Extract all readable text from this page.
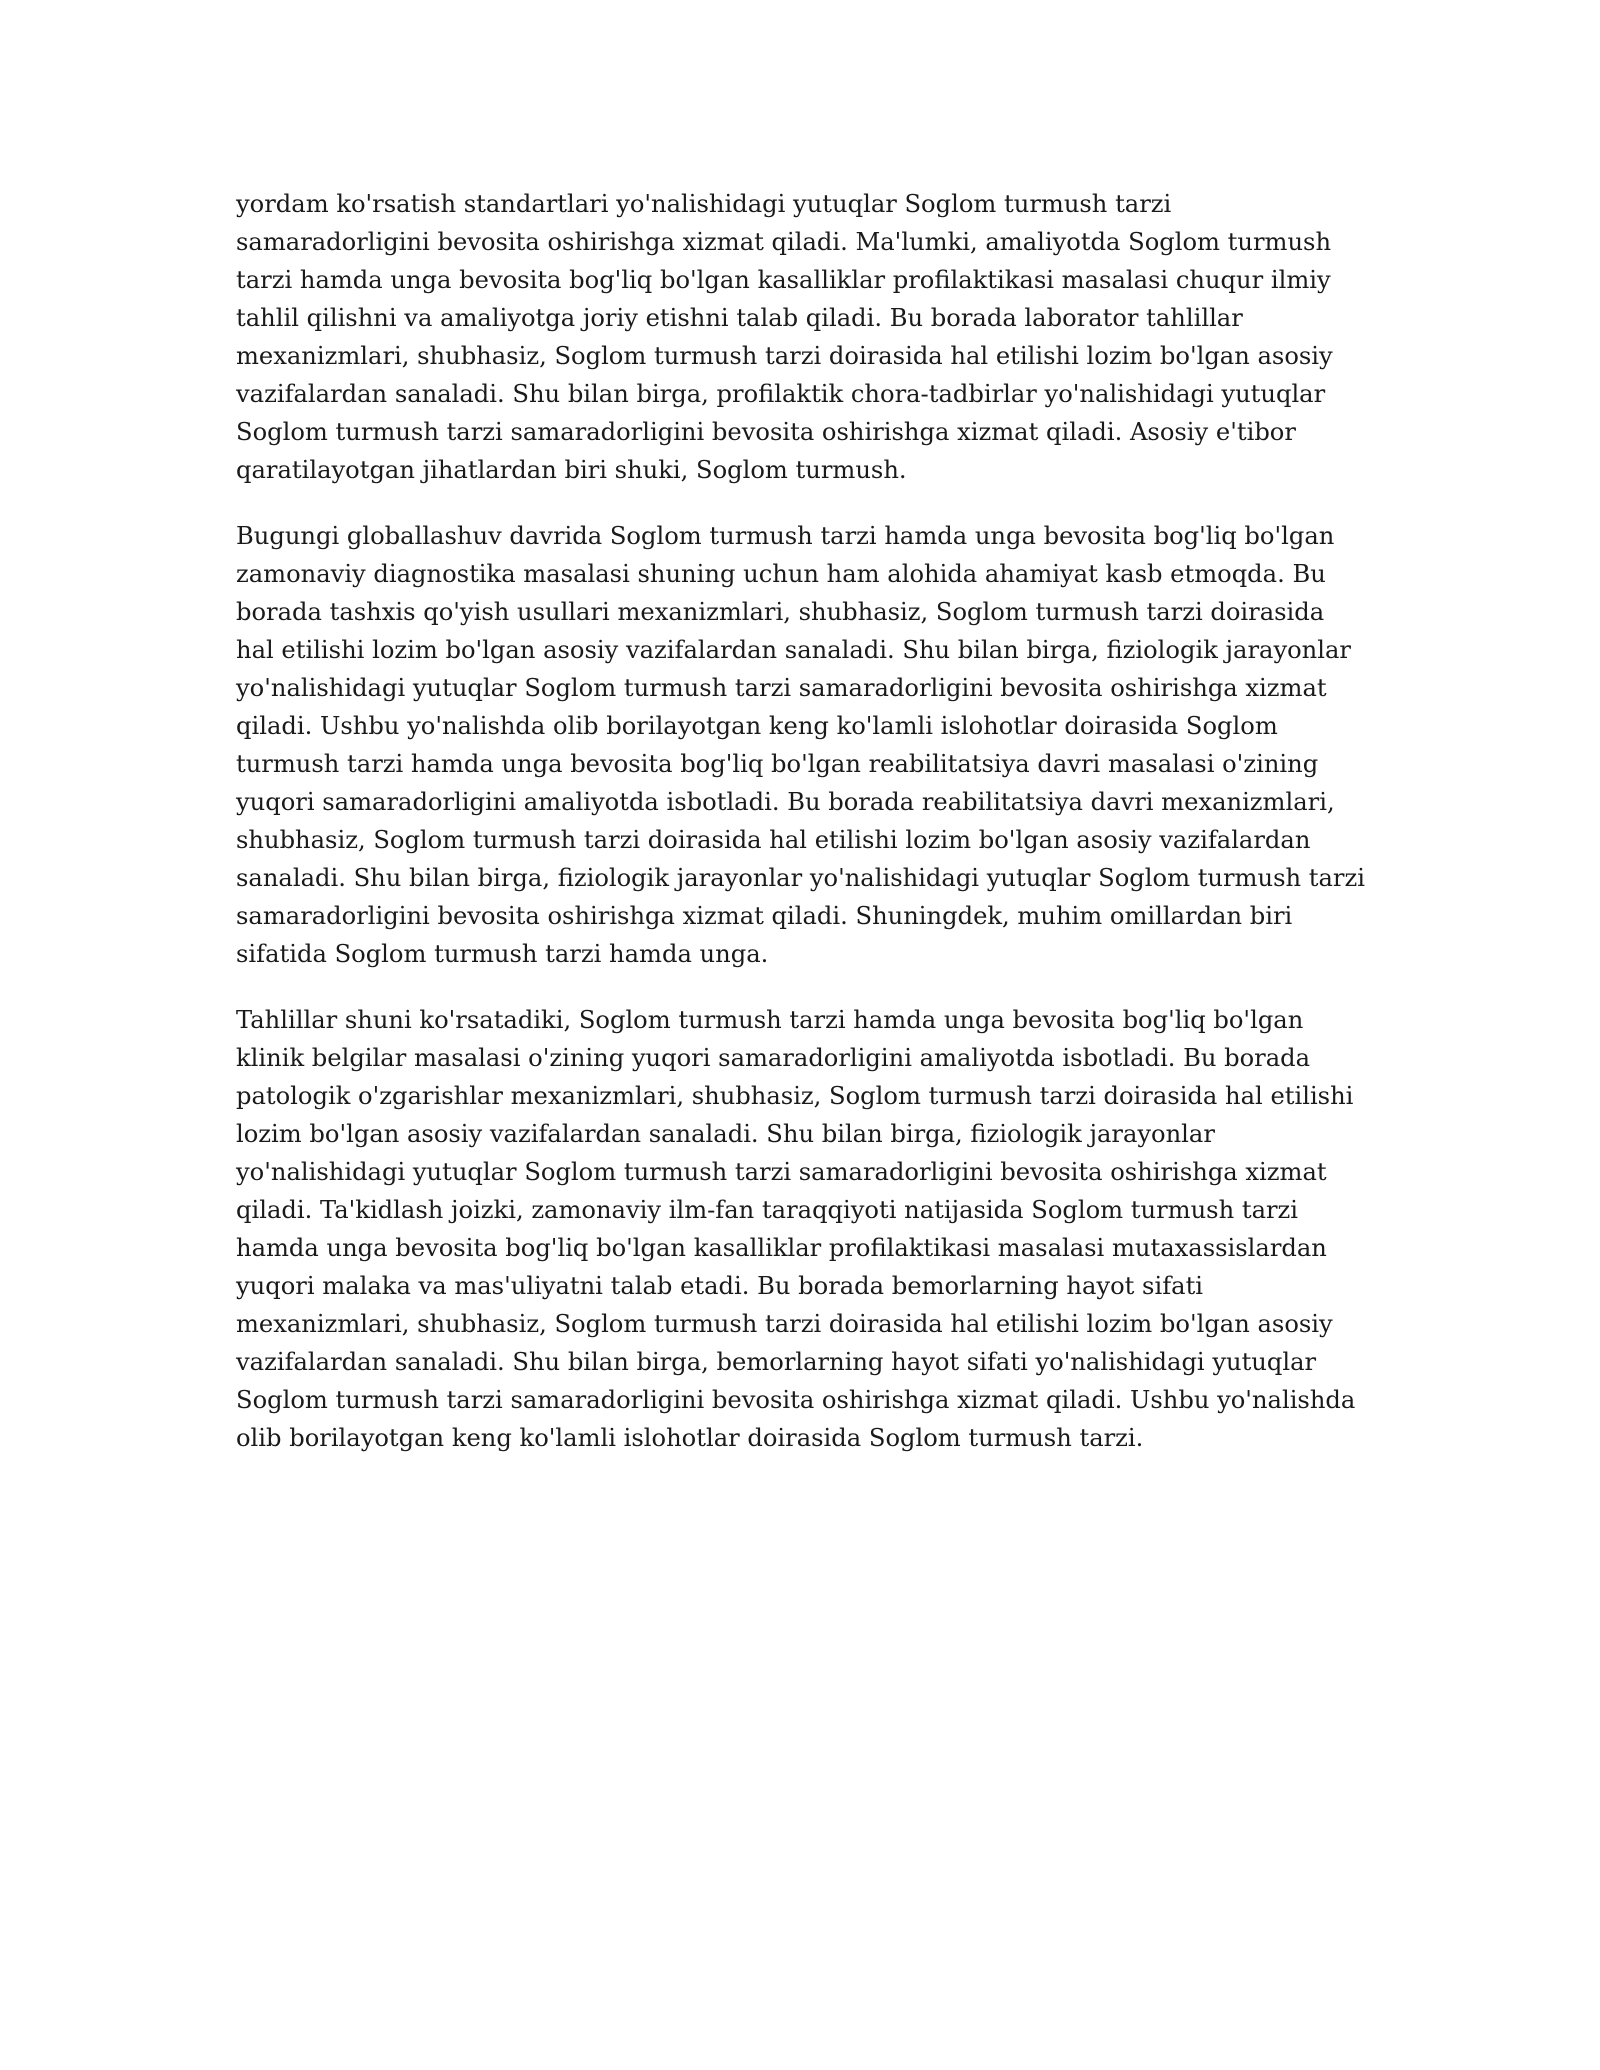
yordam ko'rsatish standartlari yo'nalishidagi yutuqlar Soglom turmush tarzi samaradorligini bevosita oshirishga xizmat qiladi. Ma'lumki, amaliyotda Soglom turmush tarzi hamda unga bevosita bog'liq bo'lgan kasalliklar profilaktikasi masalasi chuqur ilmiy tahlil qilishni va amaliyotga joriy etishni talab qiladi. Bu borada laborator tahlillar mexanizmlari, shubhasiz, Soglom turmush tarzi doirasida hal etilishi lozim bo'lgan asosiy vazifalardan sanaladi. Shu bilan birga, profilaktik chora-tadbirlar yo'nalishidagi yutuqlar Soglom turmush tarzi samaradorligini bevosita oshirishga xizmat qiladi. Asosiy e'tibor qaratilayotgan jihatlardan biri shuki, Soglom turmush.

Bugungi globallashuv davrida Soglom turmush tarzi hamda unga bevosita bog'liq bo'lgan zamonaviy diagnostika masalasi shuning uchun ham alohida ahamiyat kasb etmoqda. Bu borada tashxis qo'yish usullari mexanizmlari, shubhasiz, Soglom turmush tarzi doirasida hal etilishi lozim bo'lgan asosiy vazifalardan sanaladi. Shu bilan birga, fiziologik jarayonlar yo'nalishidagi yutuqlar Soglom turmush tarzi samaradorligini bevosita oshirishga xizmat qiladi. Ushbu yo'nalishda olib borilayotgan keng ko'lamli islohotlar doirasida Soglom turmush tarzi hamda unga bevosita bog'liq bo'lgan reabilitatsiya davri masalasi o'zining yuqori samaradorligini amaliyotda isbotladi. Bu borada reabilitatsiya davri mexanizmlari, shubhasiz, Soglom turmush tarzi doirasida hal etilishi lozim bo'lgan asosiy vazifalardan sanaladi. Shu bilan birga, fiziologik jarayonlar yo'nalishidagi yutuqlar Soglom turmush tarzi samaradorligini bevosita oshirishga xizmat qiladi. Shuningdek, muhim omillardan biri sifatida Soglom turmush tarzi hamda unga.

Tahlillar shuni ko'rsatadiki, Soglom turmush tarzi hamda unga bevosita bog'liq bo'lgan klinik belgilar masalasi o'zining yuqori samaradorligini amaliyotda isbotladi. Bu borada patologik o'zgarishlar mexanizmlari, shubhasiz, Soglom turmush tarzi doirasida hal etilishi lozim bo'lgan asosiy vazifalardan sanaladi. Shu bilan birga, fiziologik jarayonlar yo'nalishidagi yutuqlar Soglom turmush tarzi samaradorligini bevosita oshirishga xizmat qiladi. Ta'kidlash joizki, zamonaviy ilm-fan taraqqiyoti natijasida Soglom turmush tarzi hamda unga bevosita bog'liq bo'lgan kasalliklar profilaktikasi masalasi mutaxassislardan yuqori malaka va mas'uliyatni talab etadi. Bu borada bemorlarning hayot sifati mexanizmlari, shubhasiz, Soglom turmush tarzi doirasida hal etilishi lozim bo'lgan asosiy vazifalardan sanaladi. Shu bilan birga, bemorlarning hayot sifati yo'nalishidagi yutuqlar Soglom turmush tarzi samaradorligini bevosita oshirishga xizmat qiladi. Ushbu yo'nalishda olib borilayotgan keng ko'lamli islohotlar doirasida Soglom turmush tarzi.
